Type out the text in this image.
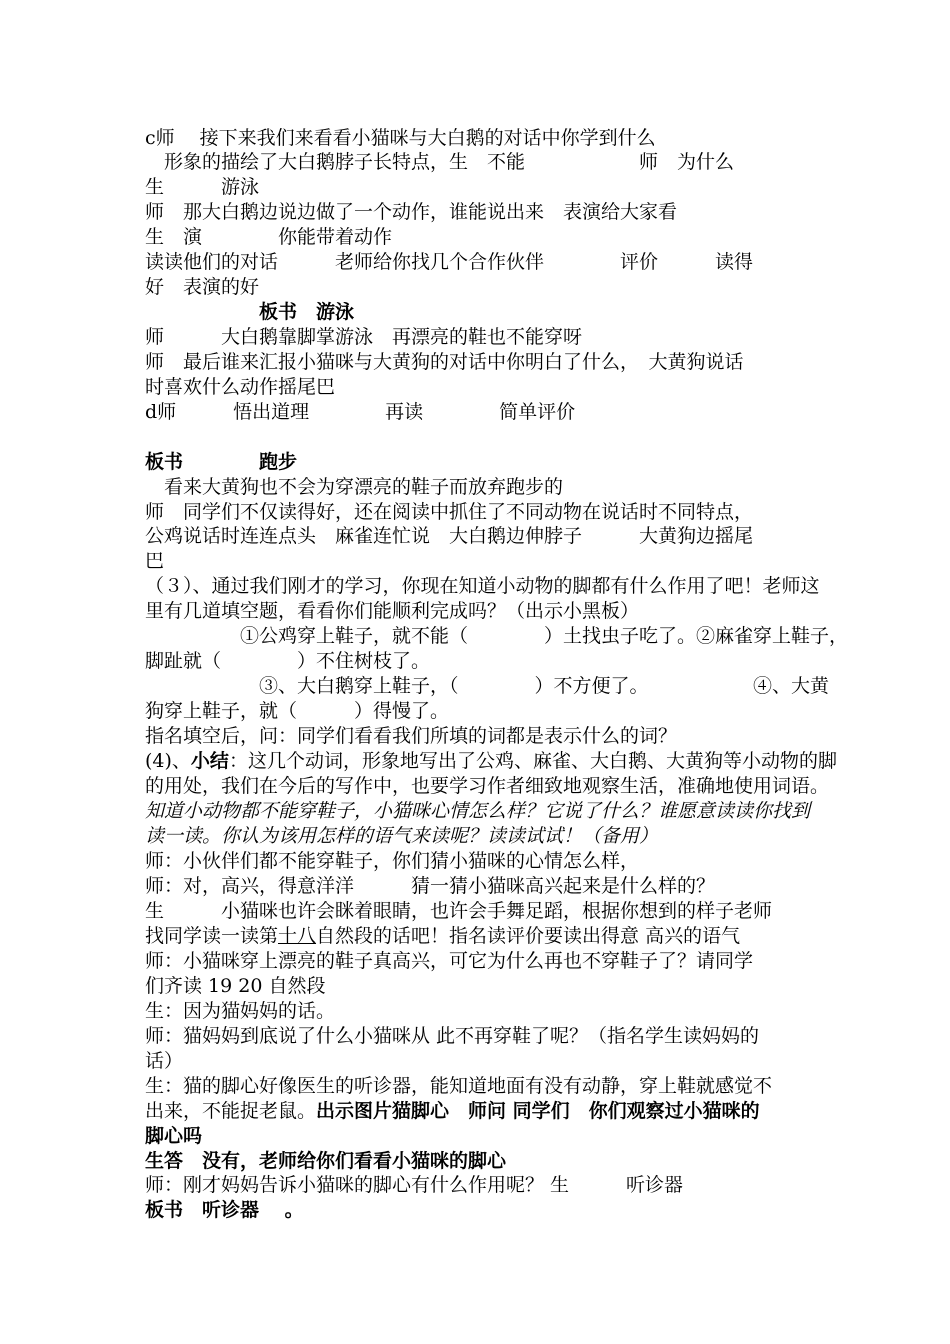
c师　 接下来我们来看看小猫咪与大白鹅的对话中你学到什么
　形象的描绘了大白鹅脖子长特点，生　不能　　　　　　师　为什么
生　　　游泳
师　那大白鹅边说边做了一个动作，谁能说出来　表演给大家看
生　演　　　　你能带着动作
读读他们的对话　　　老师给你找几个合作伙伴　　　　评价　　　读得
好　表演的好
　　　　　　板书　游泳
师　　　大白鹅靠脚掌游泳　再漂亮的鞋也不能穿呀
师　最后谁来汇报小猫咪与大黄狗的对话中你明白了什么，　大黄狗说话
时喜欢什么动作摇尾巴
d师　　　悟出道理　　　　再读　　　　简单评价
板书　　　　跑步
　看来大黄狗也不会为穿漂亮的鞋子而放弃跑步的
师　同学们不仅读得好，还在阅读中抓住了不同动物在说话时不同特点，
公鸡说话时连连点头　麻雀连忙说　大白鹅边伸脖子　　　大黄狗边摇尾
巴
（３）、通过我们刚才的学习，你现在知道小动物的脚都有什么作用了吧！老师这
里有几道填空题，看看你们能顺利完成吗？（出示小黑板）
　　　　　①公鸡穿上鞋子，就不能（　　　　）土找虫子吃了。②麻雀穿上鞋子，
脚趾就（　　　　）不住树枝了。
　　　　　　③、大白鹅穿上鞋子，（　　　　）不方便了。　　　　　　④、大黄
狗穿上鞋子，就（　　　）得慢了。
指名填空后，问：同学们看看我们所填的词都是表示什么的词？
(4)、小结：这几个动词，形象地写出了公鸡、麻雀、大白鹅、大黄狗等小动物的脚
的用处，我们在今后的写作中，也要学习作者细致地观察生活，准确地使用词语。
知道小动物都不能穿鞋子，小猫咪心情怎么样？它说了什么？谁愿意读读你找到
读一读。你认为该用怎样的语气来读呢？读读试试！（备用）
师：小伙伴们都不能穿鞋子，你们猜小猫咪的心情怎么样，
师：对，高兴，得意洋洋　　　猜一猜小猫咪高兴起来是什么样的？
生　　　小猫咪也许会眯着眼睛，也许会手舞足蹈，根据你想到的样子老师
找同学读一读第十八自然段的话吧！指名读评价要读出得意 高兴的语气
师：小猫咪穿上漂亮的鞋子真高兴，可它为什么再也不穿鞋子了？请同学
们齐读 19 20 自然段
生：因为猫妈妈的话。
师：猫妈妈到底说了什么小猫咪从 此不再穿鞋了呢？（指名学生读妈妈的
话）
生：猫的脚心好像医生的听诊器，能知道地面有没有动静，穿上鞋就感觉不
出来，不能捉老鼠。出示图片猫脚心　师问 同学们　你们观察过小猫咪的
脚心吗
生答　没有，老师给你们看看小猫咪的脚心
师：刚才妈妈告诉小猫咪的脚心有什么作用呢？ 生　　　听诊器
板书　听诊器　 。
